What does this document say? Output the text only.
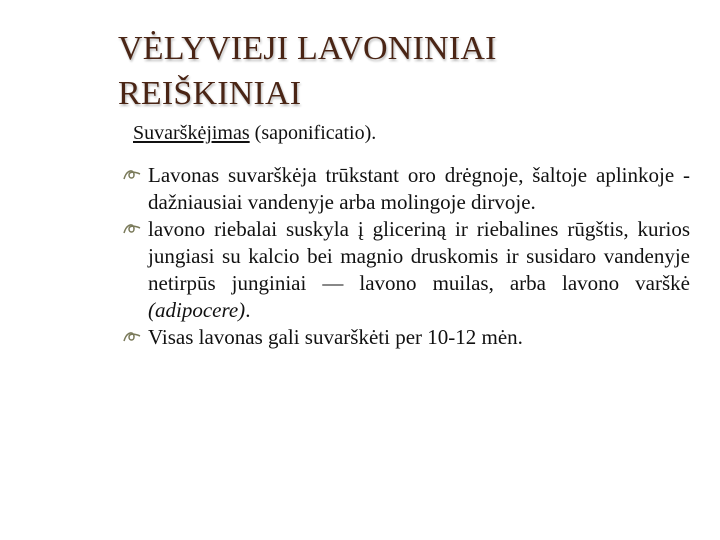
VĖLYVIEJI LAVONINIAI
REIŠKINIAI
Suvarškėjimas (saponificatio).
Lavonas suvarškėja trūkstant oro drėgnoje, šaltoje aplinkoje - dažniausiai vandenyje arba molingoje dirvoje.
lavono riebalai suskyla į gliceriną ir riebalines rūgštis, kurios jungiasi su kalcio bei magnio druskomis ir susidaro vandenyje netirpūs junginiai — lavono muilas, arba lavono varškė (adipocere).
Visas lavonas gali suvarškėti per 10-12 mėn.
